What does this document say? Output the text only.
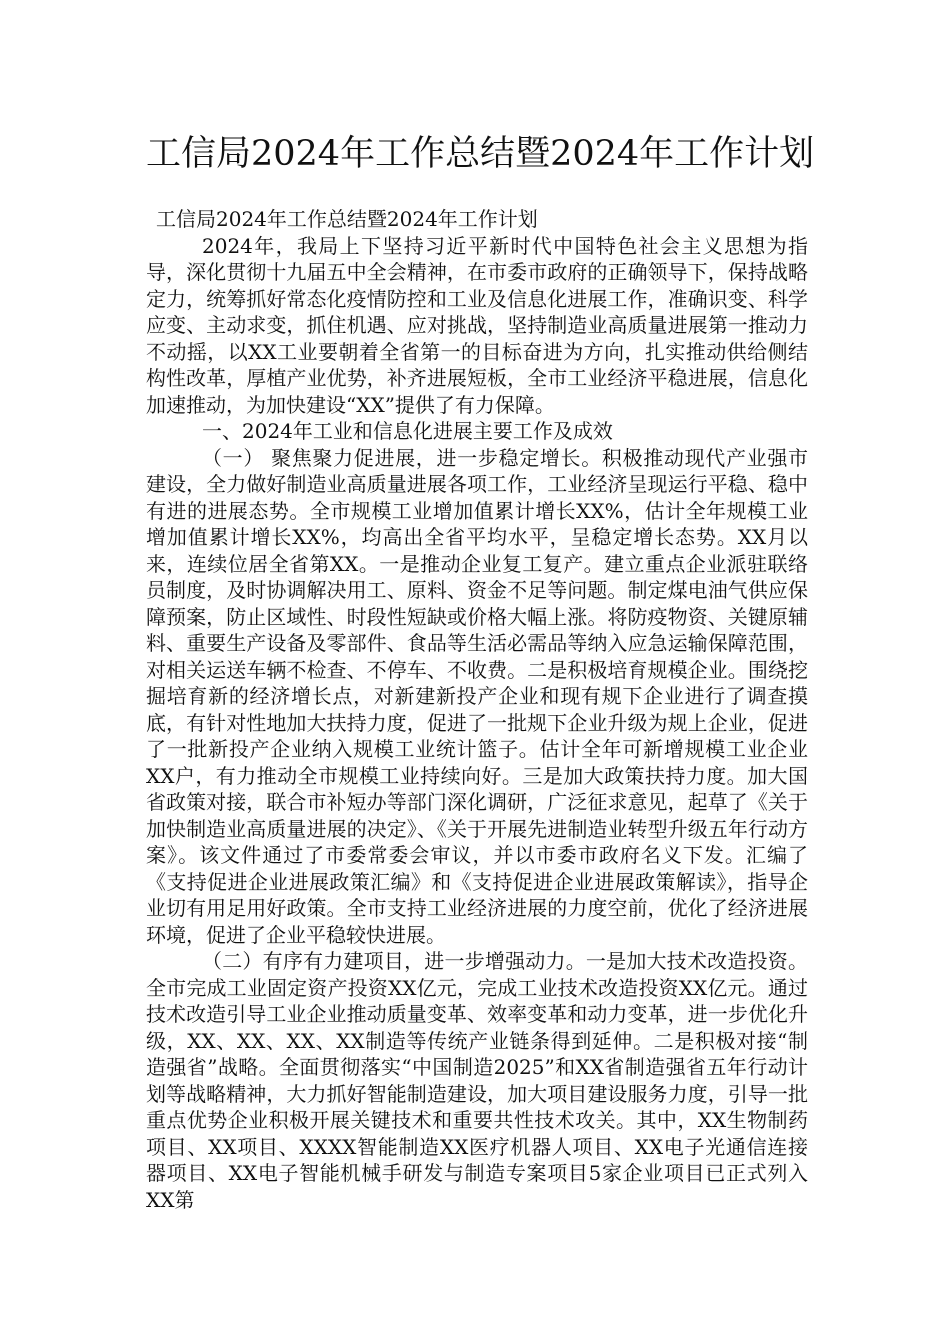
工信局2024年工作总结暨2024年工作计划

工信局2024年工作总结暨2024年工作计划

2024年，我局上下坚持习近平新时代中国特色社会主义思想为指导，深化贯彻十九届五中全会精神，在市委市政府的正确领导下，保持战略定力，统筹抓好常态化疫情防控和工业及信息化进展工作，准确识变、科学应变、主动求变，抓住机遇、应对挑战，坚持制造业高质量进展第一推动力不动摇，以XX工业要朝着全省第一的目标奋进为方向，扎实推动供给侧结构性改革，厚植产业优势，补齐进展短板，全市工业经济平稳进展，信息化加速推动，为加快建设“XX”提供了有力保障。

一、2024年工业和信息化进展主要工作及成效

（一） 聚焦聚力促进展，进一步稳定增长。积极推动现代产业强市建设，全力做好制造业高质量进展各项工作，工业经济呈现运行平稳、稳中有进的进展态势。全市规模工业增加值累计增长XX%，估计全年规模工业增加值累计增长XX%，均高出全省平均水平，呈稳定增长态势。XX月以来，连续位居全省第XX。一是推动企业复工复产。建立重点企业派驻联络员制度，及时协调解决用工、原料、资金不足等问题。制定煤电油气供应保障预案，防止区域性、时段性短缺或价格大幅上涨。将防疫物资、关键原辅料、重要生产设备及零部件、食品等生活必需品等纳入应急运输保障范围，对相关运送车辆不检查、不停车、不收费。二是积极培育规模企业。围绕挖掘培育新的经济增长点，对新建新投产企业和现有规下企业进行了调查摸底，有针对性地加大扶持力度，促进了一批规下企业升级为规上企业，促进了一批新投产企业纳入规模工业统计篮子。估计全年可新增规模工业企业XX户，有力推动全市规模工业持续向好。三是加大政策扶持力度。加大国省政策对接，联合市补短办等部门深化调研，广泛征求意见，起草了《关于加快制造业高质量进展的决定》、《关于开展先进制造业转型升级五年行动方案》。该文件通过了市委常委会审议，并以市委市政府名义下发。汇编了《支持促进企业进展政策汇编》和《支持促进企业进展政策解读》，指导企业切有用足用好政策。全市支持工业经济进展的力度空前，优化了经济进展环境，促进了企业平稳较快进展。

（二）有序有力建项目，进一步增强动力。一是加大技术改造投资。全市完成工业固定资产投资XX亿元，完成工业技术改造投资XX亿元。通过技术改造引导工业企业推动质量变革、效率变革和动力变革，进一步优化升级，XX、XX、XX、XX制造等传统产业链条得到延伸。二是积极对接“制造强省”战略。全面贯彻落实“中国制造2025”和XX省制造强省五年行动计划等战略精神，大力抓好智能制造建设，加大项目建设服务力度，引导一批重点优势企业积极开展关键技术和重要共性技术攻关。其中，XX生物制药项目、XX项目、XXXX智能制造XX医疗机器人项目、XX电子光通信连接器项目、XX电子智能机械手研发与制造专案项目5家企业项目已正式列入XX第
